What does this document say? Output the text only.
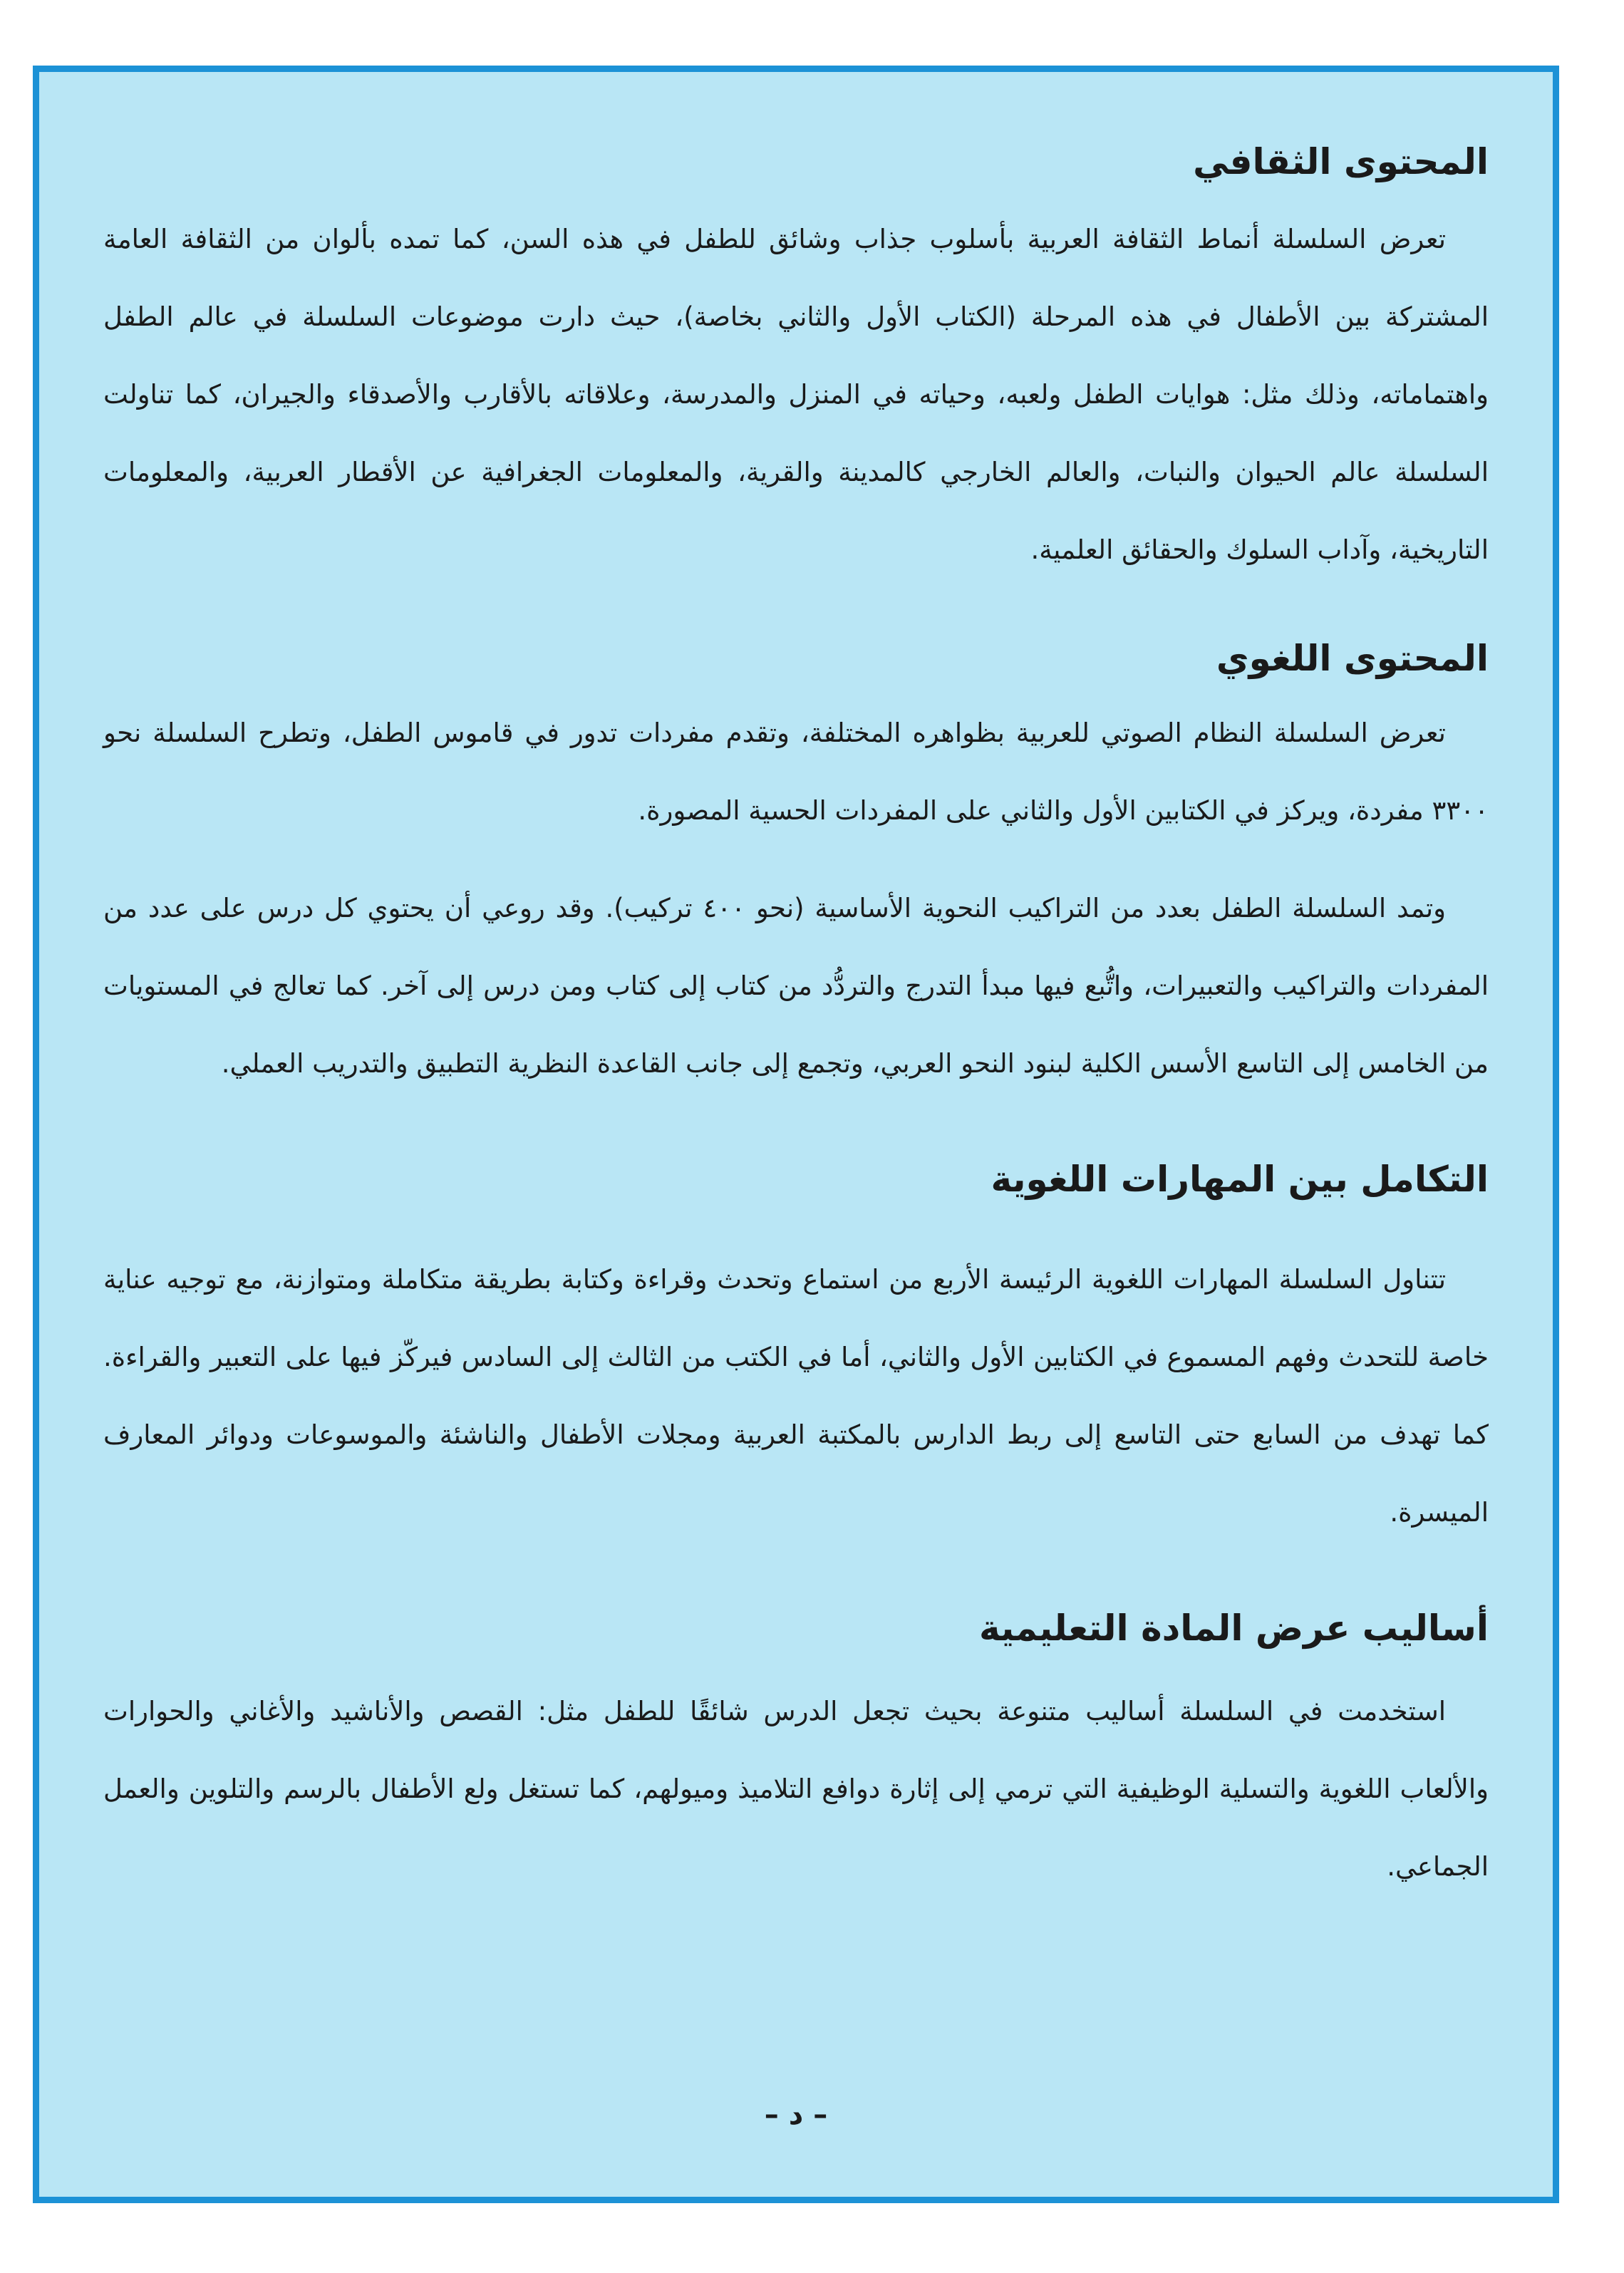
المحتوى الثقافي

تعرض السلسلة أنماط الثقافة العربية بأسلوب جذاب وشائق للطفل في هذه السن، كما تمده بألوان من الثقافة العامة المشتركة بين الأطفال في هذه المرحلة (الكتاب الأول والثاني بخاصة)، حيث دارت موضوعات السلسلة في عالم الطفل واهتماماته، وذلك مثل: هوايات الطفل ولعبه، وحياته في المنزل والمدرسة، وعلاقاته بالأقارب والأصدقاء والجيران، كما تناولت السلسلة عالم الحيوان والنبات، والعالم الخارجي كالمدينة والقرية، والمعلومات الجغرافية عن الأقطار العربية، والمعلومات التاريخية، وآداب السلوك والحقائق العلمية.

المحتوى اللغوي

تعرض السلسلة النظام الصوتي للعربية بظواهره المختلفة، وتقدم مفردات تدور في قاموس الطفل، وتطرح السلسلة نحو ٣٣٠٠ مفردة، ويركز في الكتابين الأول والثاني على المفردات الحسية المصورة.

وتمد السلسلة الطفل بعدد من التراكيب النحوية الأساسية (نحو ٤٠٠ تركيب). وقد روعي أن يحتوي كل درس على عدد من المفردات والتراكيب والتعبيرات، واتُّبع فيها مبدأ التدرج والتردُّد من كتاب إلى كتاب ومن درس إلى آخر. كما تعالج في المستويات من الخامس إلى التاسع الأسس الكلية لبنود النحو العربي، وتجمع إلى جانب القاعدة النظرية التطبيق والتدريب العملي.

التكامل بين المهارات اللغوية

تتناول السلسلة المهارات اللغوية الرئيسة الأربع من استماع وتحدث وقراءة وكتابة بطريقة متكاملة ومتوازنة، مع توجيه عناية خاصة للتحدث وفهم المسموع في الكتابين الأول والثاني، أما في الكتب من الثالث إلى السادس فيركّز فيها على التعبير والقراءة. كما تهدف من السابع حتى التاسع إلى ربط الدارس بالمكتبة العربية ومجلات الأطفال والناشئة والموسوعات ودوائر المعارف الميسرة.

أساليب عرض المادة التعليمية

استخدمت في السلسلة أساليب متنوعة بحيث تجعل الدرس شائقًا للطفل مثل: القصص والأناشيد والأغاني والحوارات والألعاب اللغوية والتسلية الوظيفية التي ترمي إلى إثارة دوافع التلاميذ وميولهم، كما تستغل ولع الأطفال بالرسم والتلوين والعمل الجماعي.

– د –
